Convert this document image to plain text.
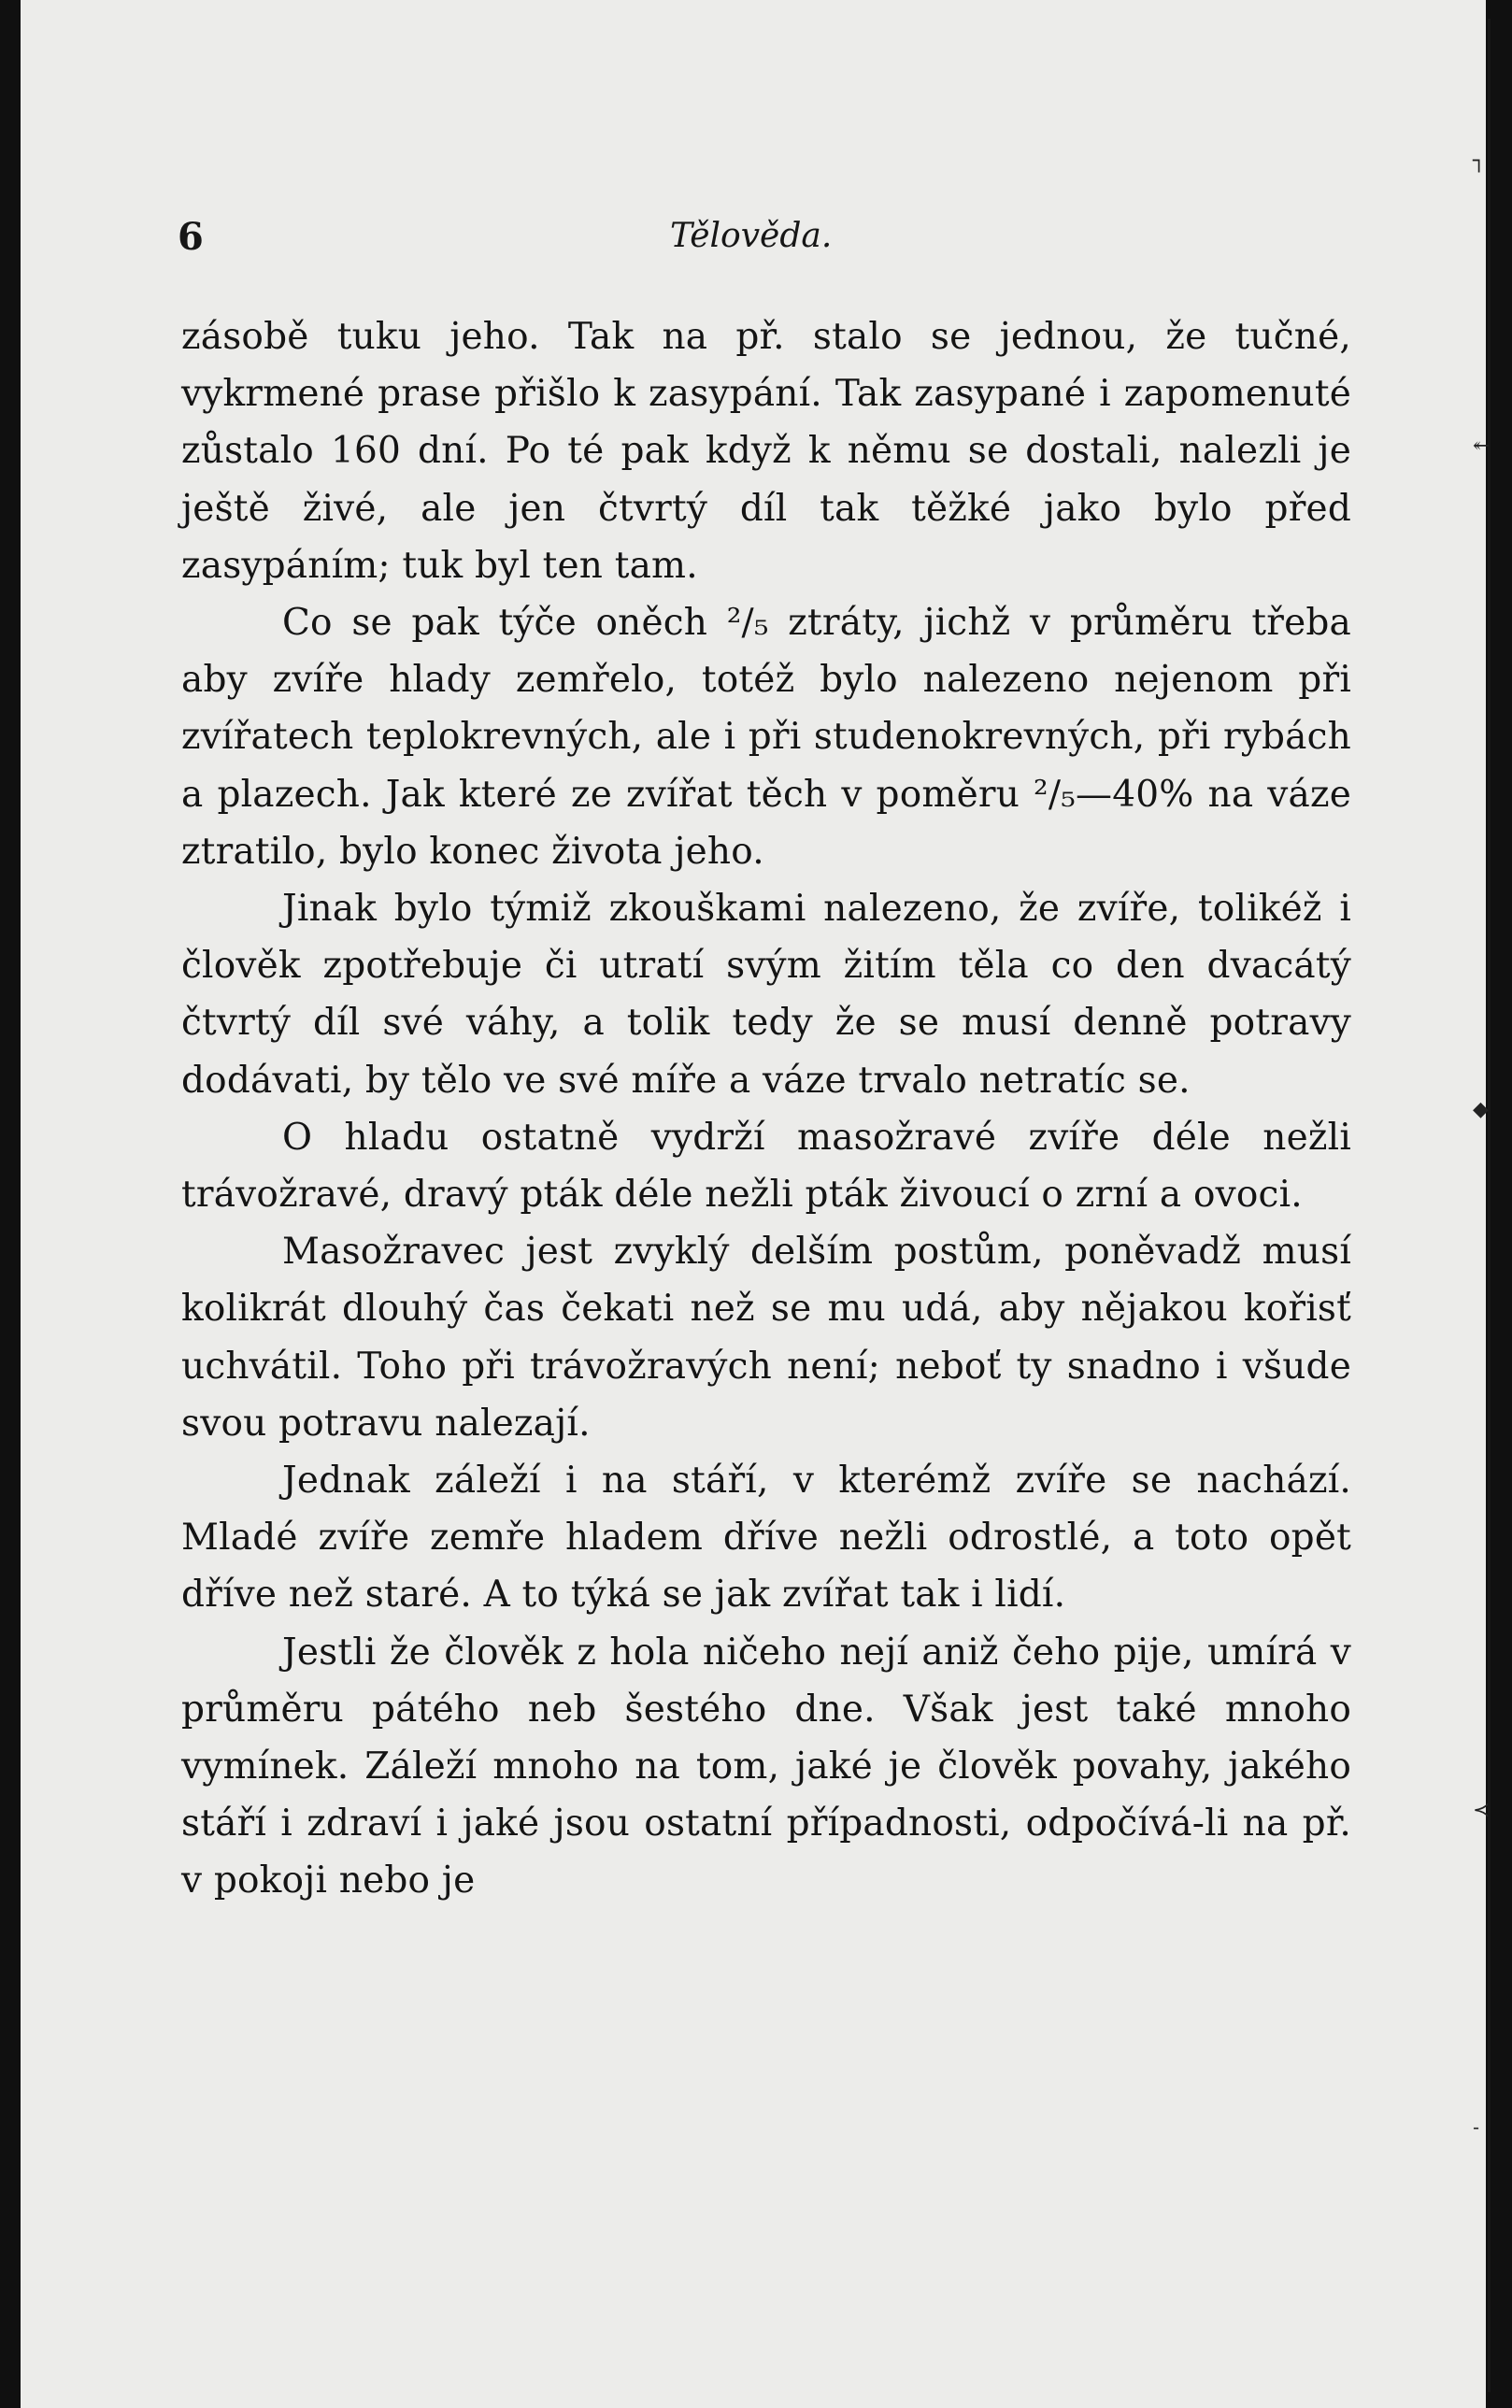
6	Tělověda.

zásobě tuku jeho. Tak na př. stalo se jednou, že tučné, vykrmené prase přišlo k zasypání. Tak zasypané i zapomenuté zůstalo 160 dní. Po té pak když k němu se dostali, nalezli je ještě živé, ale jen čtvrtý díl tak těžké jako bylo před zasypáním; tuk byl ten tam.

Co se pak týče oněch ²/₅ ztráty, jichž v průměru třeba aby zvíře hlady zemřelo, totéž bylo nalezeno nejenom při zvířatech teplokrevných, ale i při studenokrevných, při rybách a plazech. Jak které ze zvířat těch v poměru ²/₅—40% na váze ztratilo, bylo konec života jeho.

Jinak bylo týmiž zkouškami nalezeno, že zvíře, tolikéž i člověk zpotřebuje či utratí svým žitím těla co den dvacátý čtvrtý díl své váhy, a tolik tedy že se musí denně potravy dodávati, by tělo ve své míře a váze trvalo netratíc se.

O hladu ostatně vydrží masožravé zvíře déle nežli trávožravé, dravý pták déle nežli pták živoucí o zrní a ovoci.

Masožravec jest zvyklý delším postům, poněvadž musí kolikrát dlouhý čas čekati než se mu udá, aby nějakou kořisť uchvátil. Toho při trávožravých není; neboť ty snadno i všude svou potravu nalezají.

Jednak záleží i na stáří, v kterémž zvíře se nachází. Mladé zvíře zemře hladem dříve nežli odrostlé, a toto opět dříve než staré. A to týká se jak zvířat tak i lidí.

Jestli že člověk z hola ničeho nejí aniž čeho pije, umírá v průměru pátého neb šestého dne. Však jest také mnoho vymínek. Záleží mnoho na tom, jaké je člověk povahy, jakého stáří i zdraví i jaké jsou ostatní případnosti, odpočívá-li na př. v pokoji nebo je

┐
↞
◆
≺
˗
